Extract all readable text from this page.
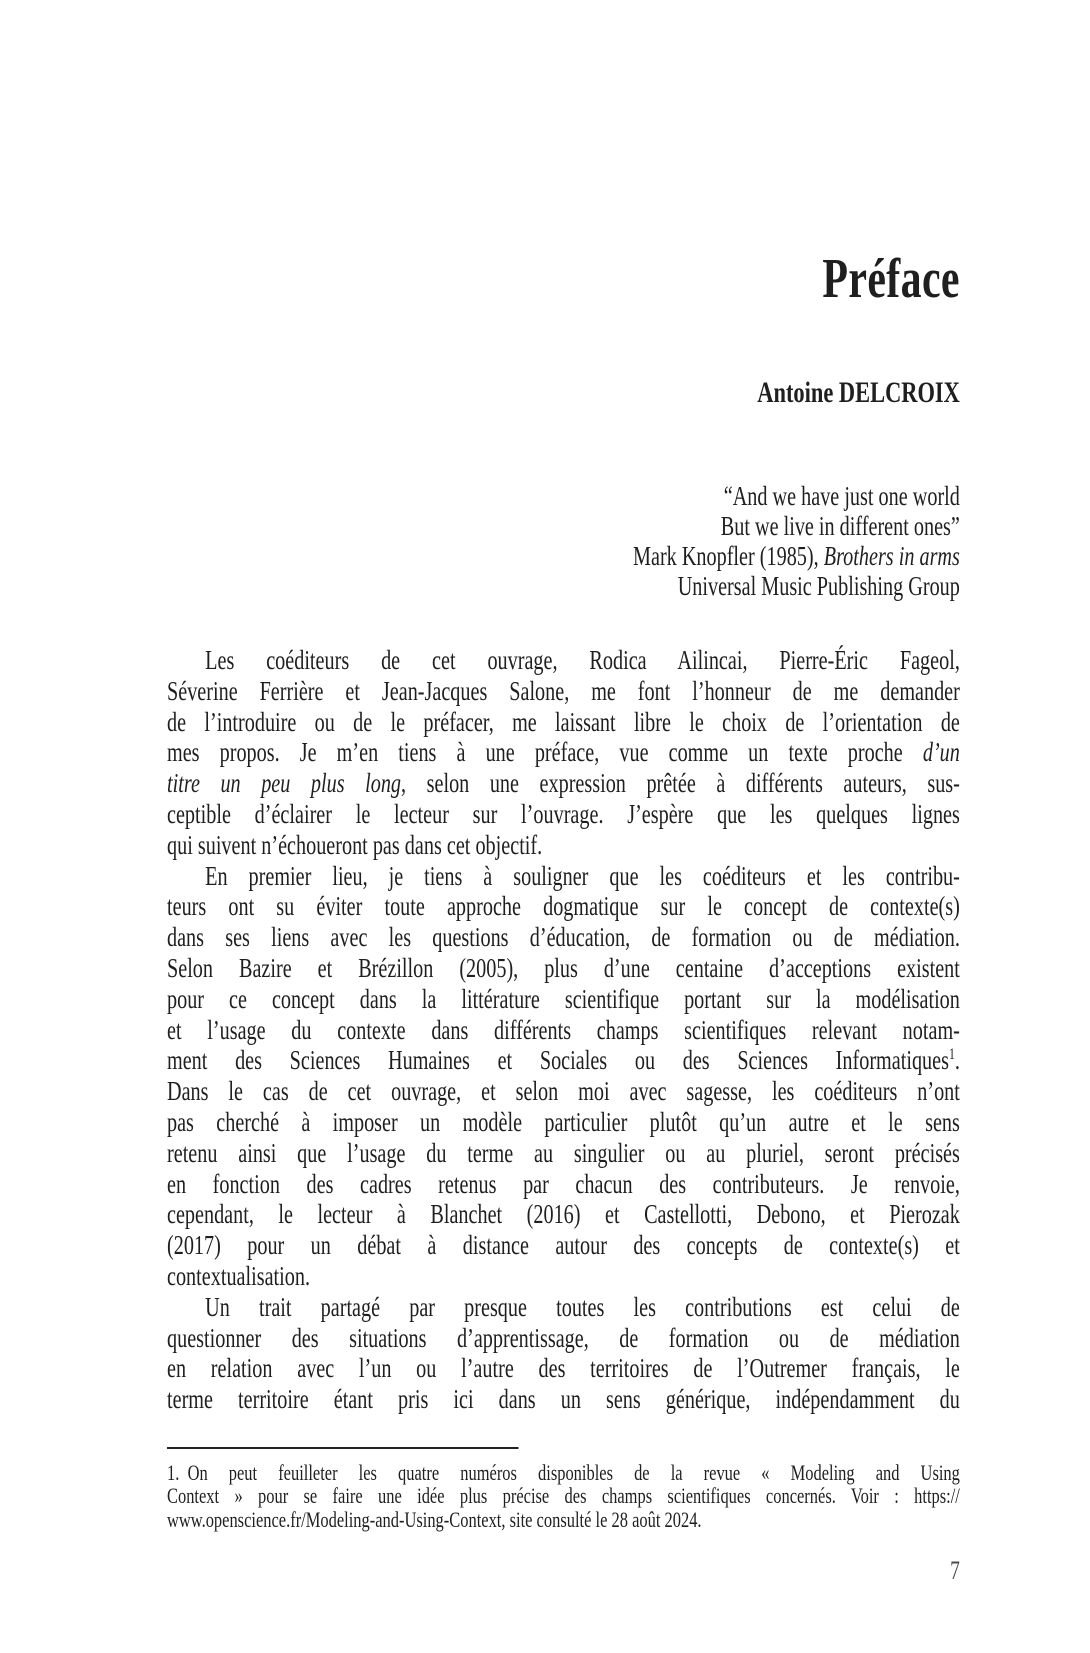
Préface
Antoine DELCROIX
“And we have just one world
But we live in different ones”
Mark Knopfler (1985), Brothers in arms
Universal Music Publishing Group
Les coéditeurs de cet ouvrage, Rodica Ailincai, Pierre-Éric Fageol,
Séverine Ferrière et Jean-Jacques Salone, me font l’honneur de me demander
de l’introduire ou de le préfacer, me laissant libre le choix de l’orientation de
mes propos. Je m’en tiens à une préface, vue comme un texte proche d’un
titre un peu plus long, selon une expression prêtée à différents auteurs, sus-
ceptible d’éclairer le lecteur sur l’ouvrage. J’espère que les quelques lignes
qui suivent n’échoueront pas dans cet objectif.
En premier lieu, je tiens à souligner que les coéditeurs et les contribu-
teurs ont su éviter toute approche dogmatique sur le concept de contexte(s)
dans ses liens avec les questions d’éducation, de formation ou de médiation.
Selon Bazire et Brézillon (2005), plus d’une centaine d’acceptions existent
pour ce concept dans la littérature scientifique portant sur la modélisation
et l’usage du contexte dans différents champs scientifiques relevant notam-
ment des Sciences Humaines et Sociales ou des Sciences Informatiques$^1$.
Dans le cas de cet ouvrage, et selon moi avec sagesse, les coéditeurs n’ont
pas cherché à imposer un modèle particulier plutôt qu’un autre et le sens
retenu ainsi que l’usage du terme au singulier ou au pluriel, seront précisés
en fonction des cadres retenus par chacun des contributeurs. Je renvoie,
cependant, le lecteur à Blanchet (2016) et Castellotti, Debono, et Pierozak
(2017) pour un débat à distance autour des concepts de contexte(s) et
contextualisation.
Un trait partagé par presque toutes les contributions est celui de
questionner des situations d’apprentissage, de formation ou de médiation
en relation avec l’un ou l’autre des territoires de l’Outremer français, le
terme territoire étant pris ici dans un sens générique, indépendamment du
1. On peut feuilleter les quatre numéros disponibles de la revue « Modeling and Using
Context » pour se faire une idée plus précise des champs scientifiques concernés. Voir : https://
www.openscience.fr/Modeling-and-Using-Context, site consulté le 28 août 2024.
7
